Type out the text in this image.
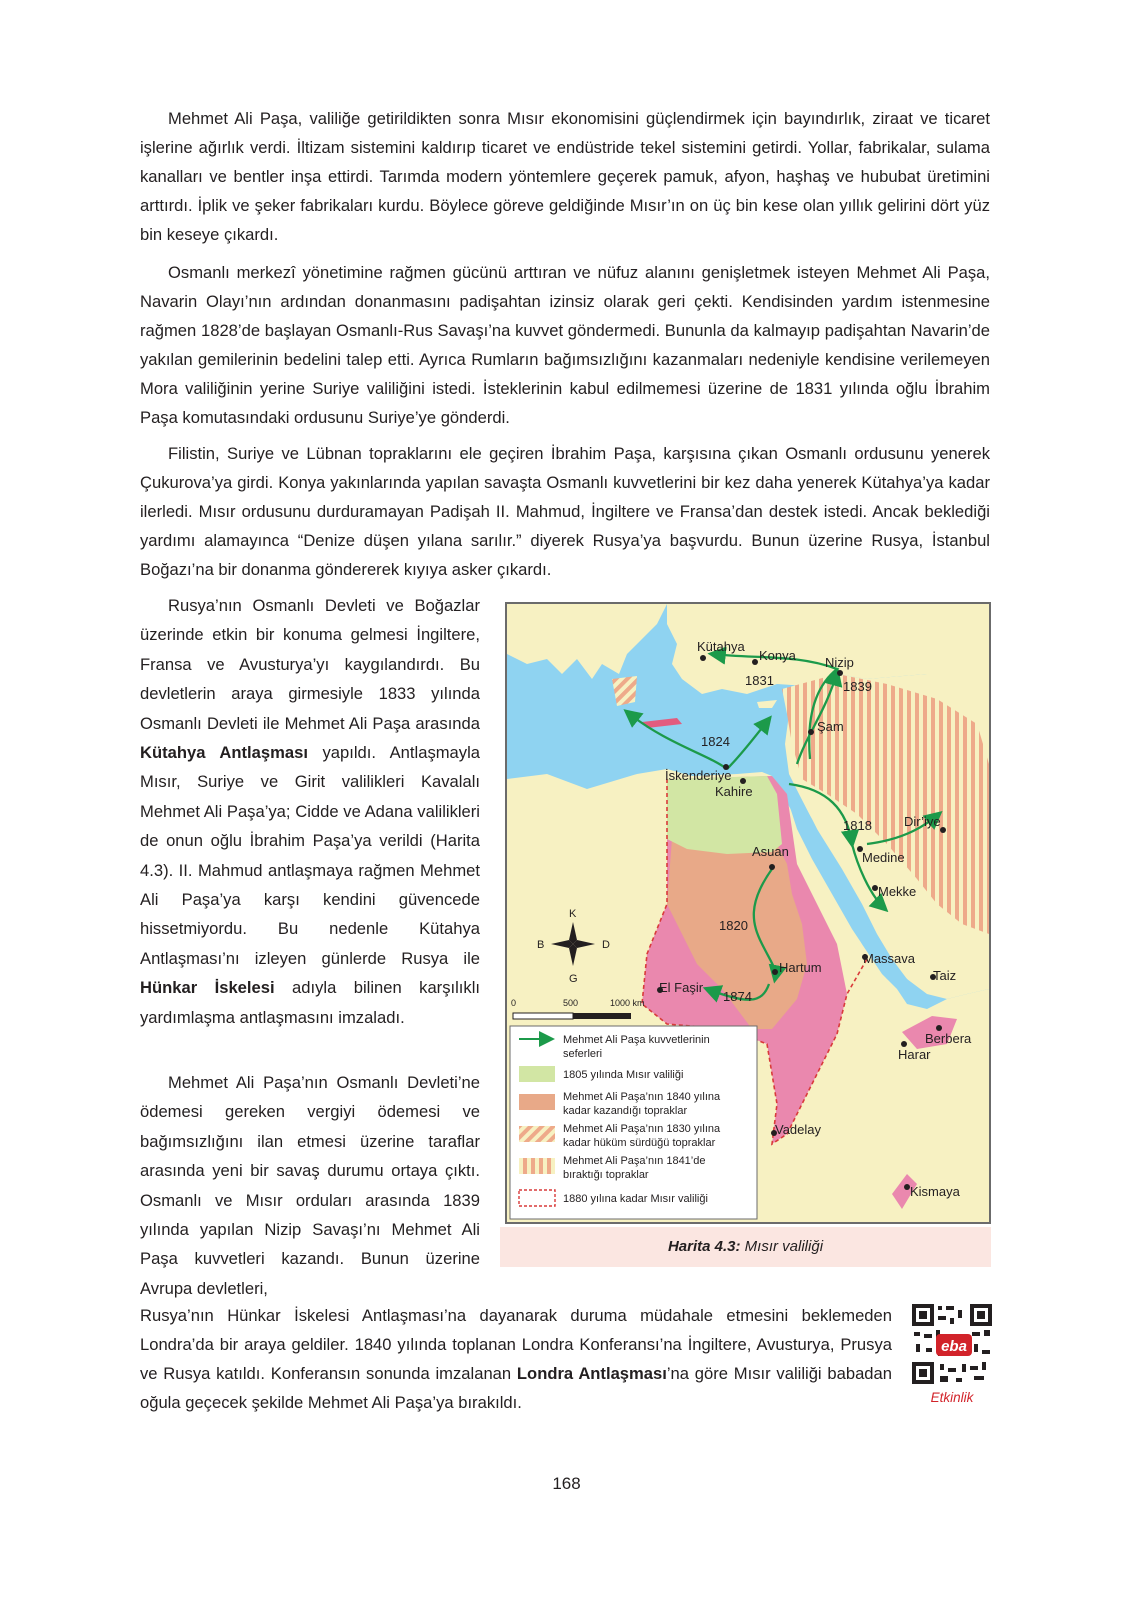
Mehmet Ali Paşa, valiliğe getirildikten sonra Mısır ekonomisini güçlendirmek için bayındırlık, ziraat ve ticaret işlerine ağırlık verdi. İltizam sistemini kaldırıp ticaret ve endüstride tekel sistemini getirdi. Yollar, fabrikalar, sulama kanalları ve bentler inşa ettirdi. Tarımda modern yöntemlere geçerek pamuk, afyon, haşhaş ve hububat üretimini arttırdı. İplik ve şeker fabrikaları kurdu. Böylece göreve geldiğinde Mısır’ın on üç bin kese olan yıllık gelirini dört yüz bin keseye çıkardı.

Osmanlı merkezî yönetimine rağmen gücünü arttıran ve nüfuz alanını genişletmek isteyen Mehmet Ali Paşa, Navarin Olayı’nın ardından donanmasını padişahtan izinsiz olarak geri çekti. Kendisinden yardım istenmesine rağmen 1828’de başlayan Osmanlı-Rus Savaşı’na kuvvet göndermedi. Bununla da kalmayıp padişahtan Navarin’de yakılan gemilerinin bedelini talep etti. Ayrıca Rumların bağımsızlığını kazanmaları nedeniyle kendisine verilemeyen Mora valiliğinin yerine Suriye valiliğini istedi. İsteklerinin kabul edilmemesi üzerine de 1831 yılında oğlu İbrahim Paşa komutasındaki ordusunu Suriye’ye gönderdi.

Filistin, Suriye ve Lübnan topraklarını ele geçiren İbrahim Paşa, karşısına çıkan Osmanlı ordusunu yenerek Çukurova’ya girdi. Konya yakınlarında yapılan savaşta Osmanlı kuvvetlerini bir kez daha yenerek Kütahya’ya kadar ilerledi. Mısır ordusunu durduramayan Padişah II. Mahmud, İngiltere ve Fransa’dan destek istedi. Ancak beklediği yardımı alamayınca “Denize düşen yılana sarılır.” diyerek Rusya’ya başvurdu. Bunun üzerine Rusya, İstanbul Boğazı’na bir donanma göndererek kıyıya asker çıkardı.

Rusya’nın Osmanlı Devleti ve Boğazlar üzerinde etkin bir konuma gelmesi İngiltere, Fransa ve Avusturya’yı kaygılandırdı. Bu devletlerin araya girmesiyle 1833 yılında Osmanlı Devleti ile Mehmet Ali Paşa arasında Kütahya Antlaşması yapıldı. Antlaşmayla Mısır, Suriye ve Girit valilikleri Kavalalı Mehmet Ali Paşa’ya; Cidde ve Adana valilikleri de onun oğlu İbrahim Paşa’ya verildi (Harita 4.3). II. Mahmud antlaşmaya rağmen Mehmet Ali Paşa’ya karşı kendini güvencede hissetmiyordu. Bu nedenle Kütahya Antlaşması’nı izleyen günlerde Rusya ile Hünkar İskelesi adıyla bilinen karşılıklı yardımlaşma antlaşmasını imzaladı.

Mehmet Ali Paşa’nın Osmanlı Devleti’ne ödemesi gereken vergiyi ödemesi ve bağımsızlığını ilan etmesi üzerine taraflar arasında yeni bir savaş durumu ortaya çıktı. Osmanlı ve Mısır orduları arasında 1839 yılında yapılan Nizip Savaşı’nı Mehmet Ali Paşa kuvvetleri kazandı. Bunun üzerine Avrupa devletleri,

Rusya’nın Hünkar İskelesi Antlaşması’na dayanarak duruma müdahale etmesini beklemeden Londra’da bir araya geldiler. 1840 yılında toplanan Londra Konferansı’na İngiltere, Avusturya, Prusya ve Rusya katıldı. Konferansın sonunda imzalanan Londra Antlaşması’na göre Mısır valiliği babadan oğula geçecek şekilde Mehmet Ali Paşa’ya bırakıldı.

Kütahya
Konya Nizip
Şam
İskenderiye
Kahire
Asuan	Medine
Mekke
Dir’iye
Hartum
El Faşir
Massava
Taiz
Berbera
Harar
Vadelay
Kismaya
1831	1839
1824
1818
1820
1874
K
G
B	D
0	500	1000 km
Mehmet Ali Paşa kuvvetlerinin
seferleri
1805 yılında Mısır valiliği
Mehmet Ali Paşa’nın 1840 yılına
kadar kazandığı topraklar
Mehmet Ali Paşa’nın 1830 yılına
kadar hüküm sürdüğü topraklar
Mehmet Ali Paşa’nın 1841’de
bıraktığı topraklar
1880 yılına kadar Mısır valiliği
Harita 4.3: Mısır valiliği
eba
Etkinlik
168
